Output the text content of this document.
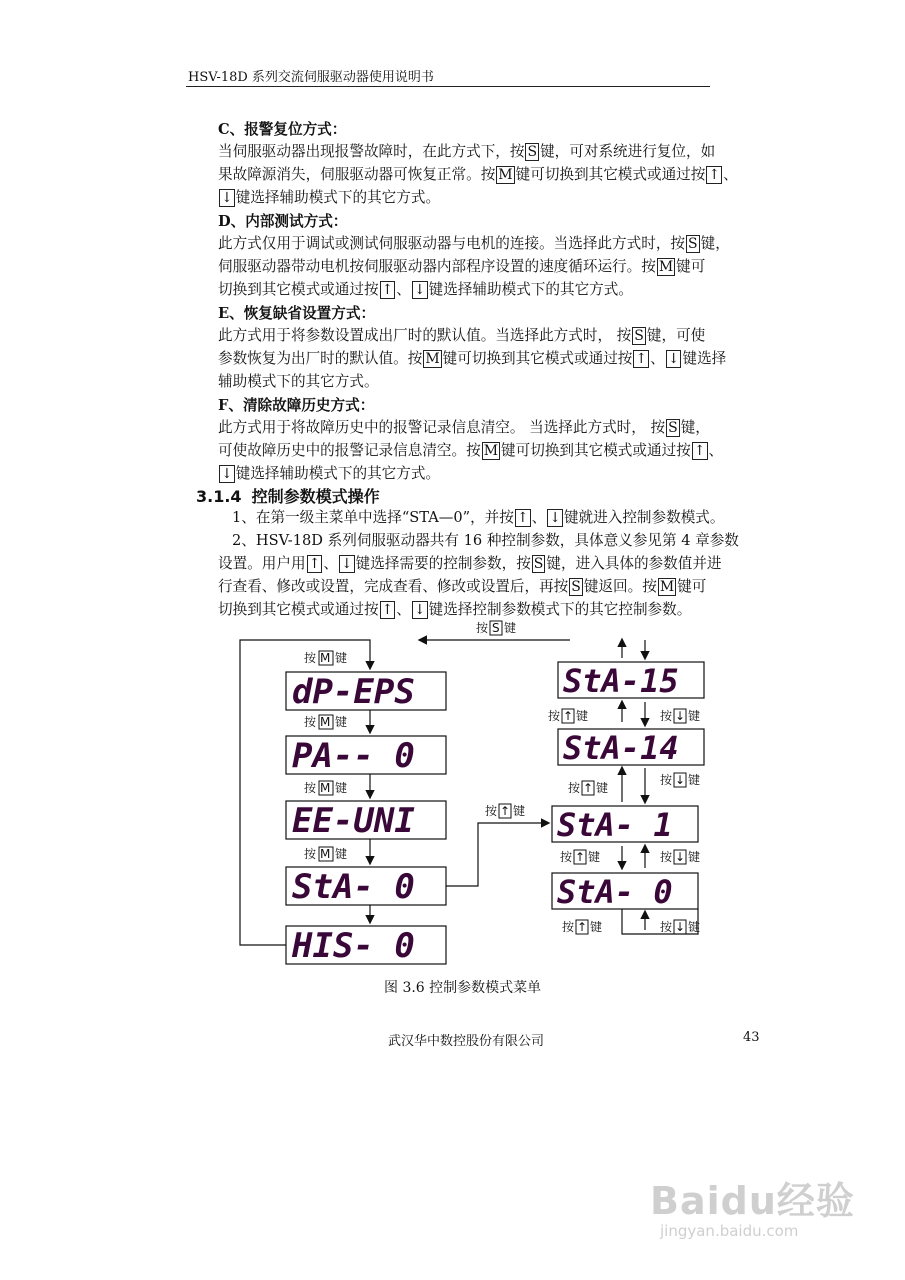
HSV-18D 系列交流伺服驱动器使用说明书
C、报警复位方式：
当伺服驱动器出现报警故障时，在此方式下，按 S 键，可对系统进行复位，如
果故障源消失，伺服驱动器可恢复正常。按 M 键可切换到其它模式或通过按 ↑ 、
↓ 键选择辅助模式下的其它方式。
D、内部测试方式：
此方式仅用于调试或测试伺服驱动器与电机的连接。当选择此方式时，按 S 键，
伺服驱动器带动电机按伺服驱动器内部程序设置的速度循环运行。按 M 键可
切换到其它模式或通过按 ↑ 、 ↓ 键选择辅助模式下的其它方式。
E、恢复缺省设置方式：
此方式用于将参数设置成出厂时的默认值。当选择此方式时， 按 S 键，可使
参数恢复为出厂时的默认值。按 M 键可切换到其它模式或通过按 ↑ 、 ↓ 键选择
辅助模式下的其它方式。
F、清除故障历史方式：
此方式用于将故障历史中的报警记录信息清空。 当选择此方式时， 按 S 键，
可使故障历史中的报警记录信息清空。按 M 键可切换到其它模式或通过按 ↑ 、
↓ 键选择辅助模式下的其它方式。
3.1.4 控制参数模式操作
1、在第一级主菜单中选择“STA—0”，并按 ↑ 、 ↓ 键就进入控制参数模式。
2、HSV-18D 系列伺服驱动器共有 16 种控制参数，具体意义参见第 4 章参数
设置。用户用 ↑ 、 ↓ 键选择需要的控制参数，按 S 键，进入具体的参数值并进
行查看、修改或设置，完成查看、修改或设置后，再按 S 键返回。按 M 键可
切换到其它模式或通过按 ↑ 、 ↓ 键选择控制参数模式下的其它控制参数。
dP-EPS
PA-- 0
EE-UNI
StA- 0
HIS- 0
StA-15
StA-14
StA- 1
StA- 0
按 S 键
按 M 键
按 M 键
按 M 键
按 M 键
按 ↑ 键
按 ↑ 键	按 ↓ 键
按 ↑ 键
按 ↓ 键
按 ↑ 键	按 ↓ 键
按 ↑ 键	按 ↓ 键
图 3.6 控制参数模式菜单
武汉华中数控股份有限公司	43
Baidu经验
jingyan.baidu.com
